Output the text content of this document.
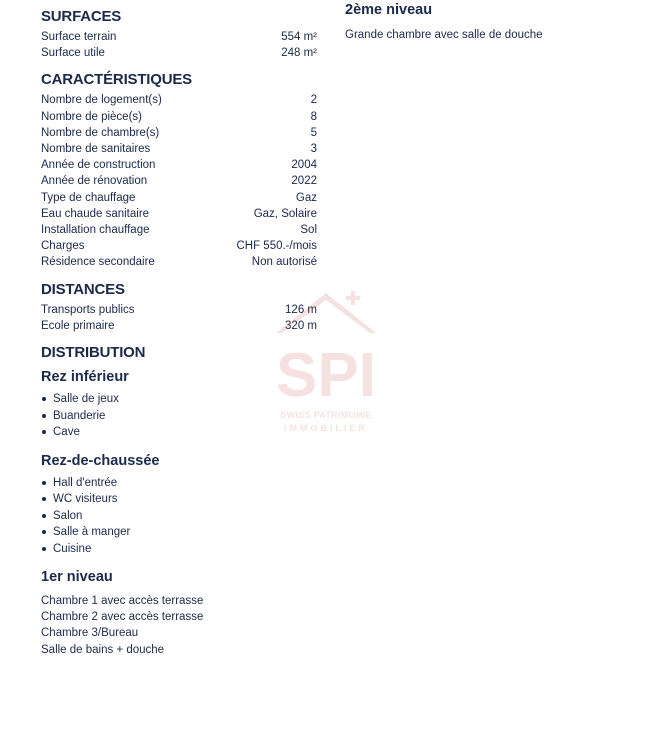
SURFACES
Surface terrain	554 m²
Surface utile	248 m²
CARACTÉRISTIQUES
Nombre de logement(s)	2
Nombre de pièce(s)	8
Nombre de chambre(s)	5
Nombre de sanitaires	3
Année de construction	2004
Année de rénovation	2022
Type de chauffage	Gaz
Eau chaude sanitaire	Gaz, Solaire
Installation chauffage	Sol
Charges	CHF 550.-/mois
Résidence secondaire	Non autorisé
DISTANCES
Transports publics	126 m
Ecole primaire	320 m
DISTRIBUTION
Rez inférieur
Salle de jeux
Buanderie
Cave
Rez-de-chaussée
Hall d'entrée
WC visiteurs
Salon
Salle à manger
Cuisine
1er niveau
Chambre 1 avec accès terrasse
Chambre 2 avec accès terrasse
Chambre 3/Bureau
Salle de bains + douche
2ème niveau
Grande chambre avec salle de douche
SPI
SWISS PATRIMOINE
IMMOBILIER
